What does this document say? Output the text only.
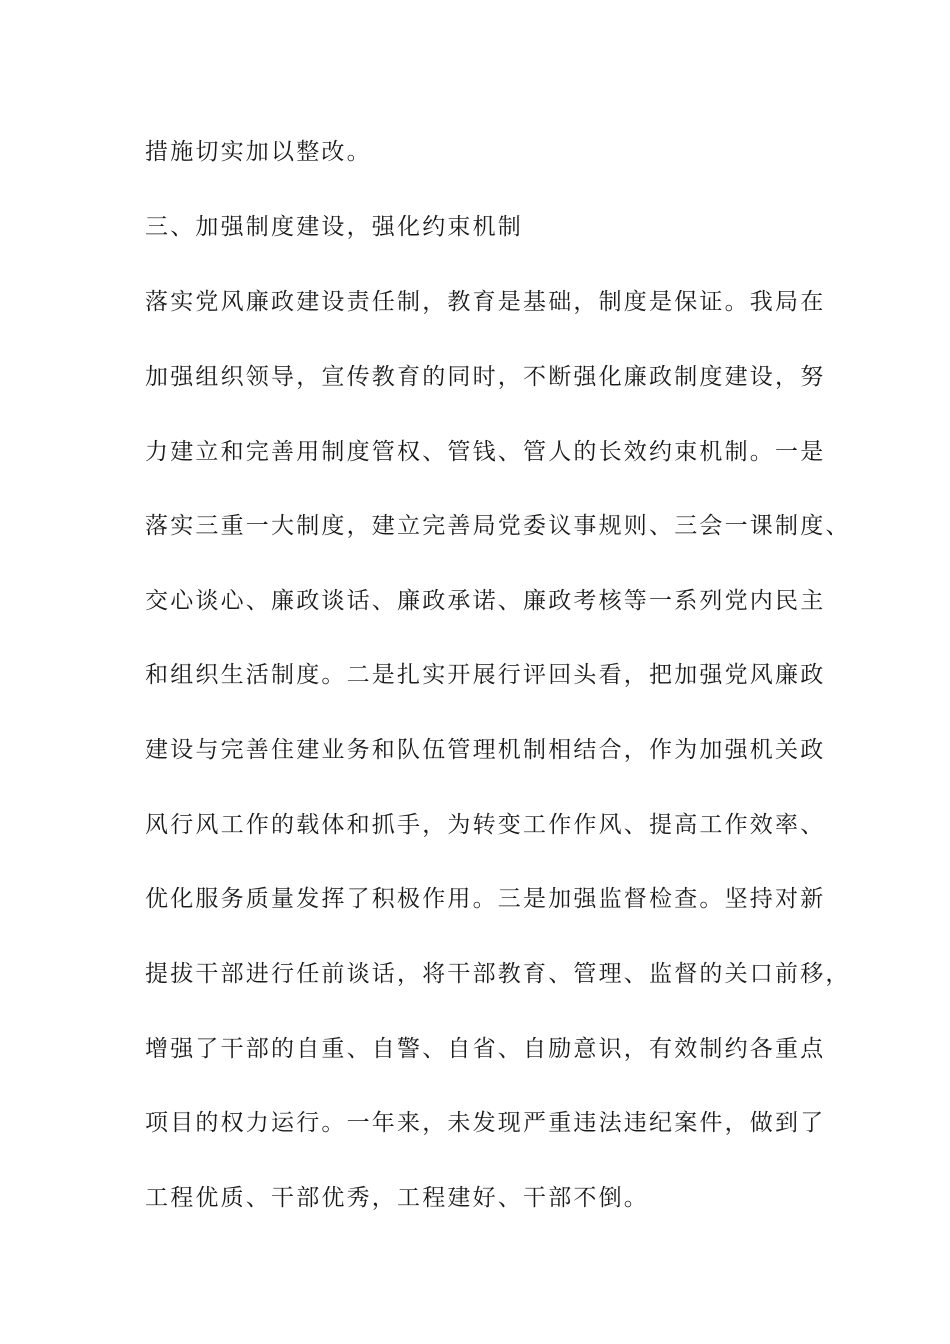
措施切实加以整改。
三、加强制度建设，强化约束机制
落实党风廉政建设责任制，教育是基础，制度是保证。我局在
加强组织领导，宣传教育的同时，不断强化廉政制度建设，努
力建立和完善用制度管权、管钱、管人的长效约束机制。一是
落实三重一大制度，建立完善局党委议事规则、三会一课制度、
交心谈心、廉政谈话、廉政承诺、廉政考核等一系列党内民主
和组织生活制度。二是扎实开展行评回头看，把加强党风廉政
建设与完善住建业务和队伍管理机制相结合，作为加强机关政
风行风工作的载体和抓手，为转变工作作风、提高工作效率、
优化服务质量发挥了积极作用。三是加强监督检查。坚持对新
提拔干部进行任前谈话，将干部教育、管理、监督的关口前移，
增强了干部的自重、自警、自省、自励意识，有效制约各重点
项目的权力运行。一年来，未发现严重违法违纪案件，做到了
工程优质、干部优秀，工程建好、干部不倒。
